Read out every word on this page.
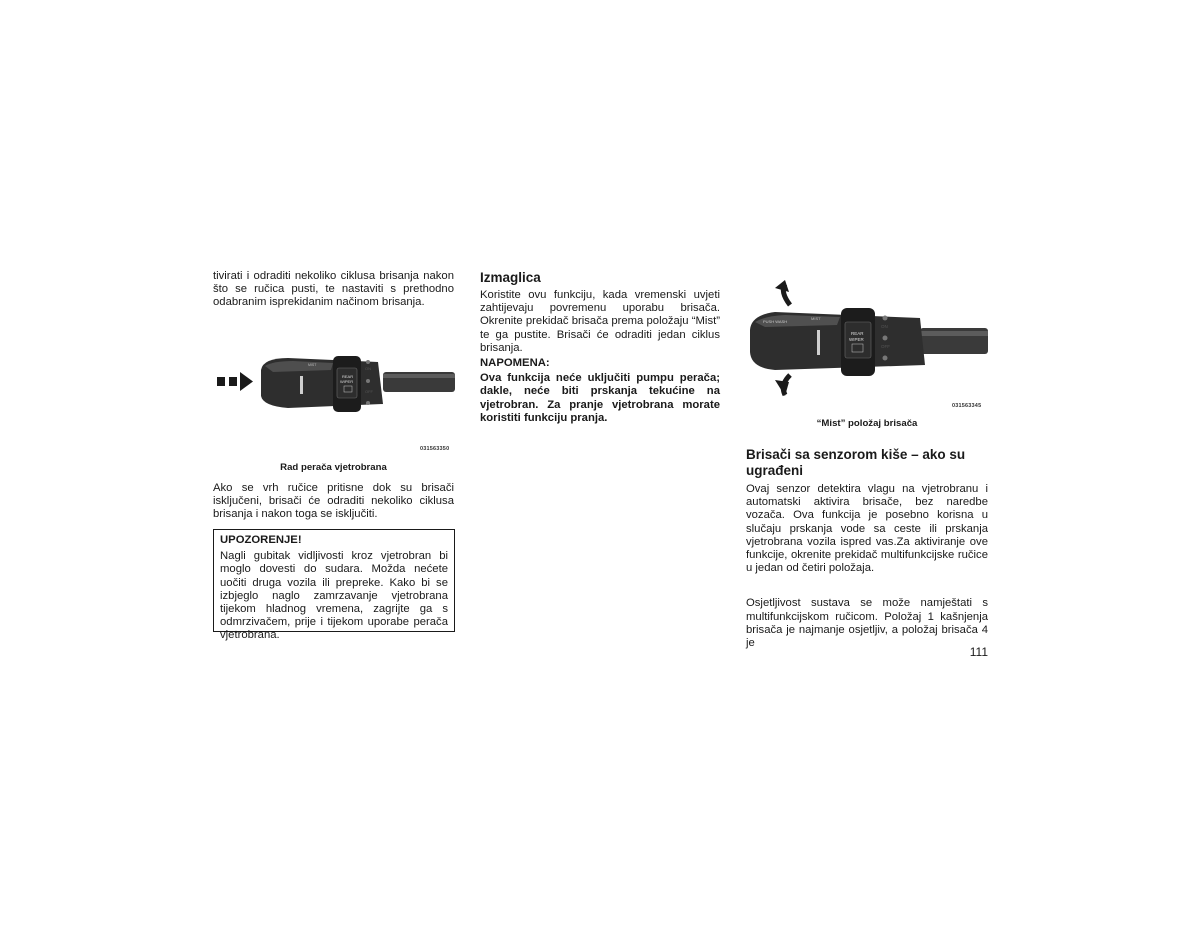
tivirati i odraditi nekoliko ciklusa brisanja nakon što se ručica pusti, te nastaviti s prethodno odabranim isprekidanim načinom brisanja.

REAR
WIPER
ON
OFF
MIST
031563350
Rad perača vjetrobrana

Ako se vrh ručice pritisne dok su brisači isključeni, brisači će odraditi nekoliko ciklusa brisanja i nakon toga se isključiti.

UPOZORENJE!

Nagli gubitak vidljivosti kroz vjetrobran bi moglo dovesti do sudara. Možda nećete uočiti druga vozila ili prepreke. Kako bi se izbjeglo naglo zamrzavanje vjetrobrana tijekom hladnog vremena, zagrijte ga s odmrzivačem, prije i tijekom uporabe perača vjetrobrana.

Izmaglica

Koristite ovu funkciju, kada vremenski uvjeti zahtijevaju povremenu uporabu brisača. Okrenite prekidač brisača prema položaju “Mist” te ga pustite. Brisači će odraditi jedan ciklus brisanja.

NAPOMENA:

Ova funkcija neće uključiti pumpu perača; dakle, neće biti prskanja tekućine na vjetrobran. Za pranje vjetrobrana morate koristiti funkciju pranja.

PUSH WASH
MIST
REAR
WIPER
ON
OFF
031563345
“Mist” položaj brisača
Brisači sa senzorom kiše – ako su ugrađeni

Ovaj senzor detektira vlagu na vjetrobranu i automatski aktivira brisače, bez naredbe vozača. Ova funkcija je posebno korisna u slučaju prskanja vode sa ceste ili prskanja vjetrobrana vozila ispred vas.Za aktiviranje ove funkcije, okrenite prekidač multifunkcijske ručice u jedan od četiri položaja.

Osjetljivost sustava se može namještati s multifunkcijskom ručicom. Položaj 1 kašnjenja brisača je najmanje osjetljiv, a položaj brisača 4 je

111
